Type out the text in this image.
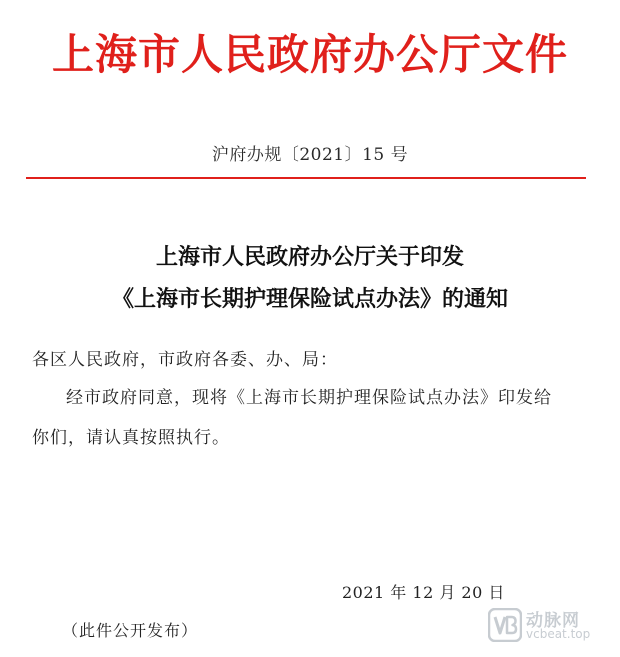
上海市人民政府办公厅文件
沪府办规〔2021〕15 号
上海市人民政府办公厅关于印发
《上海市长期护理保险试点办法》的通知
各区人民政府，市政府各委、办、局：
经市政府同意，现将《上海市长期护理保险试点办法》印发给
你们，请认真按照执行。
2021 年 12 月 20 日
（此件公开发布）	动脉网
vcbeat.top
